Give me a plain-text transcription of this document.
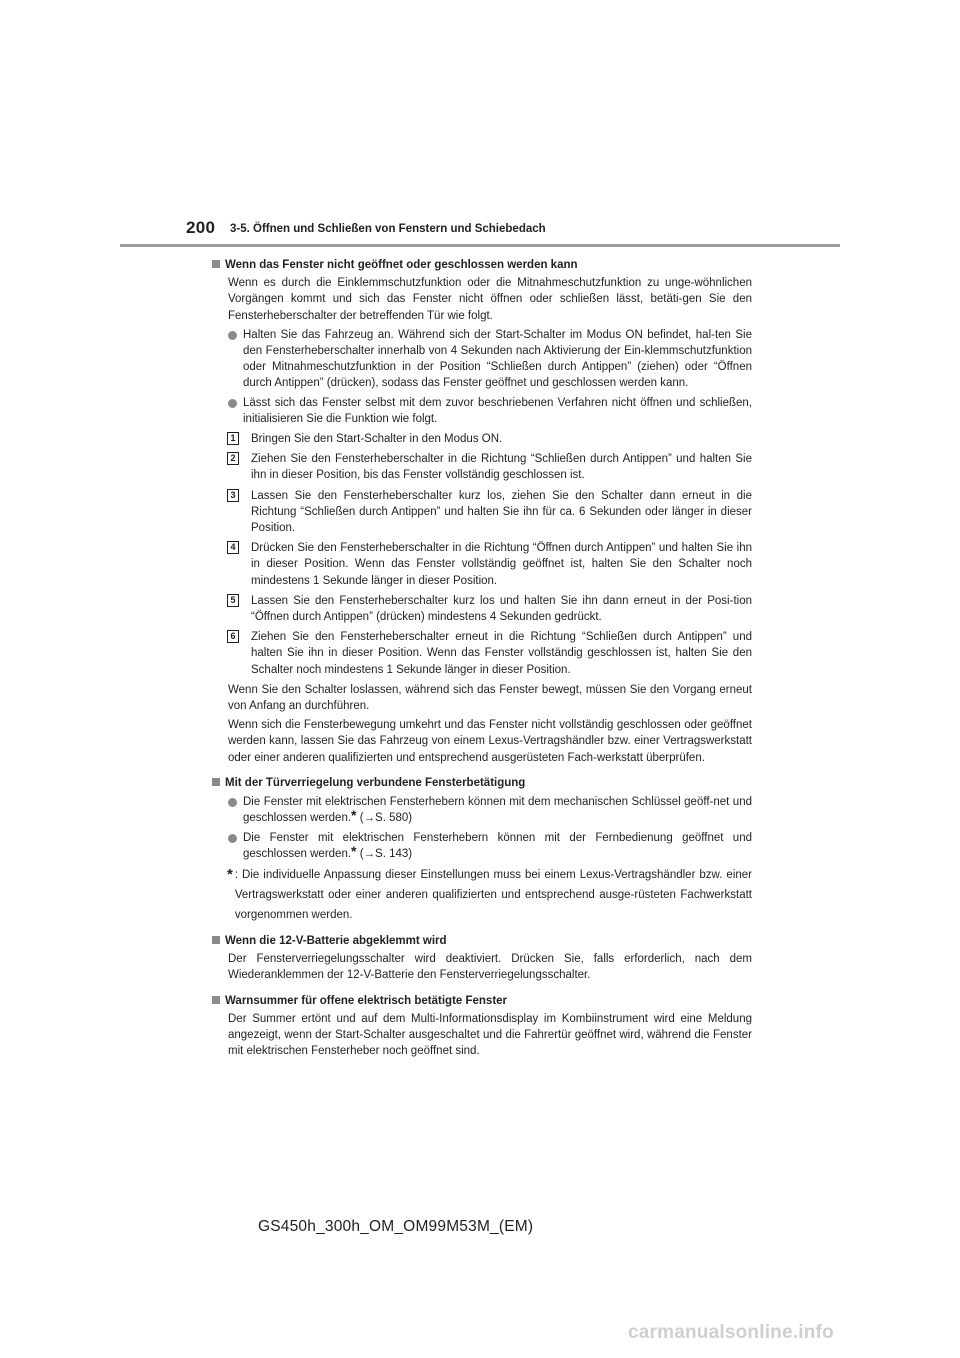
200 3-5. Öffnen und Schließen von Fenstern und Schiebedach
Wenn das Fenster nicht geöffnet oder geschlossen werden kann
Wenn es durch die Einklemmschutzfunktion oder die Mitnahmeschutzfunktion zu unge-wöhnlichen Vorgängen kommt und sich das Fenster nicht öffnen oder schließen lässt, betäti-gen Sie den Fensterheberschalter der betreffenden Tür wie folgt.
Halten Sie das Fahrzeug an. Während sich der Start-Schalter im Modus ON befindet, hal-ten Sie den Fensterheberschalter innerhalb von 4 Sekunden nach Aktivierung der Ein-klemmschutzfunktion oder Mitnahmeschutzfunktion in der Position “Schließen durch Antippen” (ziehen) oder “Öffnen durch Antippen” (drücken), sodass das Fenster geöffnet und geschlossen werden kann.
Lässt sich das Fenster selbst mit dem zuvor beschriebenen Verfahren nicht öffnen und schließen, initialisieren Sie die Funktion wie folgt.
1	Bringen Sie den Start-Schalter in den Modus ON.
2	Ziehen Sie den Fensterheberschalter in die Richtung “Schließen durch Antippen” und halten Sie ihn in dieser Position, bis das Fenster vollständig geschlossen ist.
3	Lassen Sie den Fensterheberschalter kurz los, ziehen Sie den Schalter dann erneut in die Richtung “Schließen durch Antippen” und halten Sie ihn für ca. 6 Sekunden oder länger in dieser Position.
4	Drücken Sie den Fensterheberschalter in die Richtung “Öffnen durch Antippen” und halten Sie ihn in dieser Position. Wenn das Fenster vollständig geöffnet ist, halten Sie den Schalter noch mindestens 1 Sekunde länger in dieser Position.
5	Lassen Sie den Fensterheberschalter kurz los und halten Sie ihn dann erneut in der Posi-tion “Öffnen durch Antippen” (drücken) mindestens 4 Sekunden gedrückt.
6	Ziehen Sie den Fensterheberschalter erneut in die Richtung “Schließen durch Antippen” und halten Sie ihn in dieser Position. Wenn das Fenster vollständig geschlossen ist, halten Sie den Schalter noch mindestens 1 Sekunde länger in dieser Position.
Wenn Sie den Schalter loslassen, während sich das Fenster bewegt, müssen Sie den Vorgang erneut von Anfang an durchführen.
Wenn sich die Fensterbewegung umkehrt und das Fenster nicht vollständig geschlossen oder geöffnet werden kann, lassen Sie das Fahrzeug von einem Lexus-Vertragshändler bzw. einer Vertragswerkstatt oder einer anderen qualifizierten und entsprechend ausgerüsteten Fach-werkstatt überprüfen.
Mit der Türverriegelung verbundene Fensterbetätigung
Die Fenster mit elektrischen Fensterhebern können mit dem mechanischen Schlüssel geöff-net und geschlossen werden.* (→S. 580)
Die Fenster mit elektrischen Fensterhebern können mit der Fernbedienung geöffnet und geschlossen werden.* (→S. 143)
* : Die individuelle Anpassung dieser Einstellungen muss bei einem Lexus-Vertragshändler bzw. einer Vertragswerkstatt oder einer anderen qualifizierten und entsprechend ausge-rüsteten Fachwerkstatt vorgenommen werden.
Wenn die 12-V-Batterie abgeklemmt wird
Der Fensterverriegelungsschalter wird deaktiviert. Drücken Sie, falls erforderlich, nach dem Wiederanklemmen der 12-V-Batterie den Fensterverriegelungsschalter.
Warnsummer für offene elektrisch betätigte Fenster
Der Summer ertönt und auf dem Multi-Informationsdisplay im Kombiinstrument wird eine Meldung angezeigt, wenn der Start-Schalter ausgeschaltet und die Fahrertür geöffnet wird, während die Fenster mit elektrischen Fensterheber noch geöffnet sind.
GS450h_300h_OM_OM99M53M_(EM)
carmanualsonline.info
